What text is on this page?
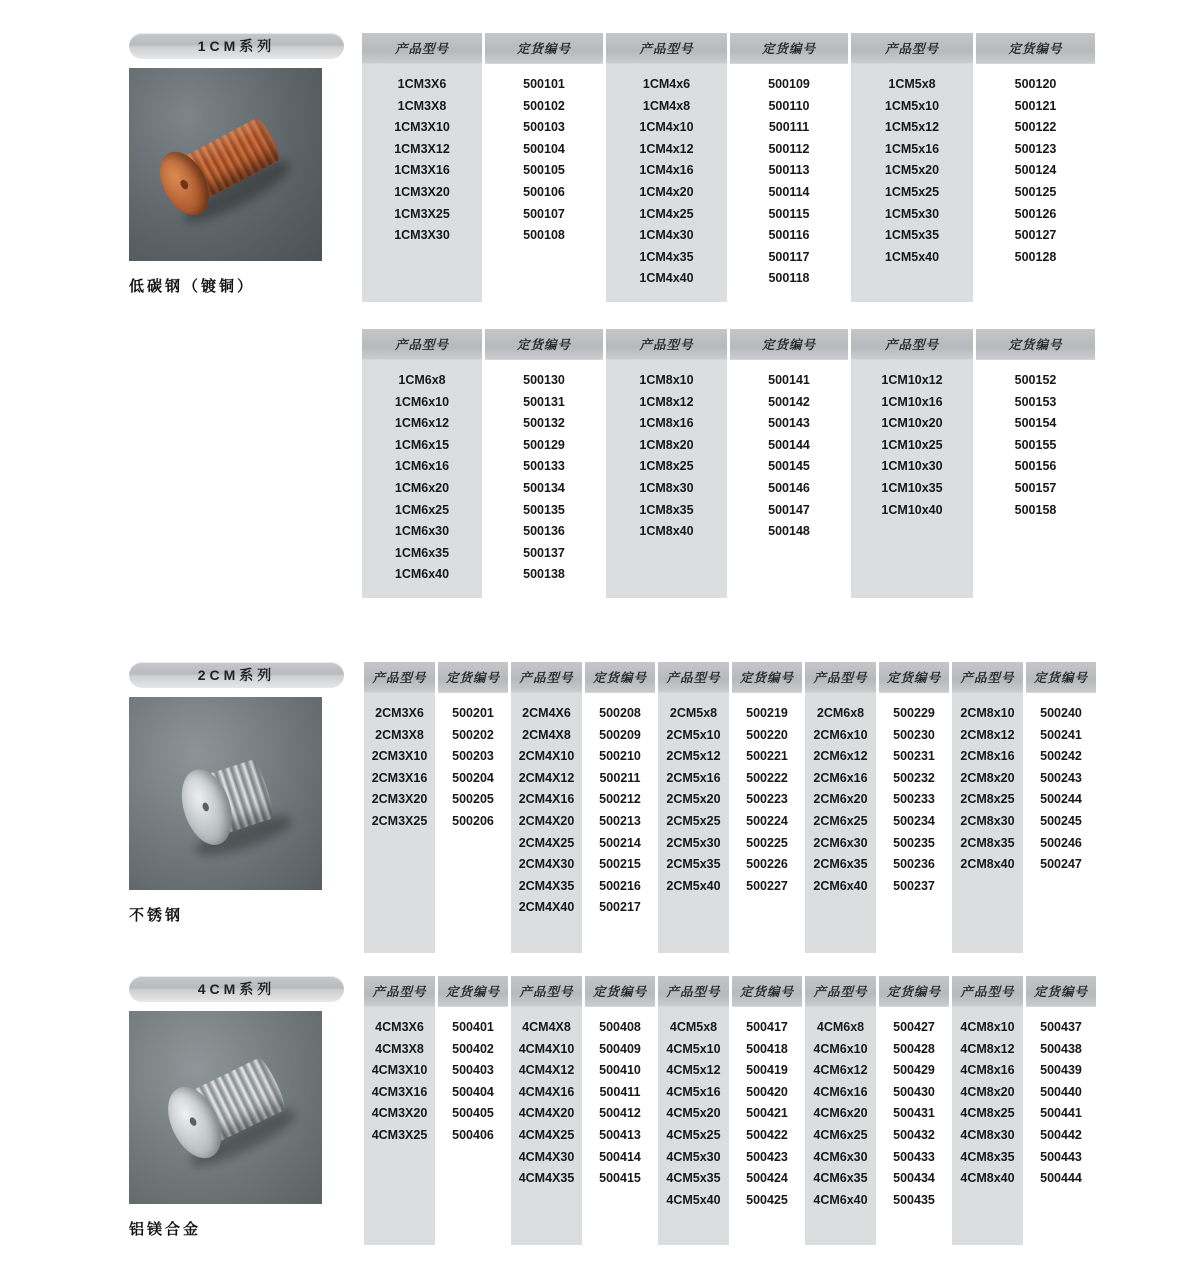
1CM系列
低碳钢（镀铜）
产品型号
1CM3X6
1CM3X8
1CM3X10
1CM3X12
1CM3X16
1CM3X20
1CM3X25
1CM3X30
定货编号
500101
500102
500103
500104
500105
500106
500107
500108
产品型号
1CM4x6
1CM4x8
1CM4x10
1CM4x12
1CM4x16
1CM4x20
1CM4x25
1CM4x30
1CM4x35
1CM4x40
定货编号
500109
500110
500111
500112
500113
500114
500115
500116
500117
500118
产品型号
1CM5x8
1CM5x10
1CM5x12
1CM5x16
1CM5x20
1CM5x25
1CM5x30
1CM5x35
1CM5x40
定货编号
500120
500121
500122
500123
500124
500125
500126
500127
500128
产品型号
1CM6x8
1CM6x10
1CM6x12
1CM6x15
1CM6x16
1CM6x20
1CM6x25
1CM6x30
1CM6x35
1CM6x40
定货编号
500130
500131
500132
500129
500133
500134
500135
500136
500137
500138
产品型号
1CM8x10
1CM8x12
1CM8x16
1CM8x20
1CM8x25
1CM8x30
1CM8x35
1CM8x40
定货编号
500141
500142
500143
500144
500145
500146
500147
500148
产品型号
1CM10x12
1CM10x16
1CM10x20
1CM10x25
1CM10x30
1CM10x35
1CM10x40
定货编号
500152
500153
500154
500155
500156
500157
500158
2CM系列
不锈钢
产品型号
2CM3X6
2CM3X8
2CM3X10
2CM3X16
2CM3X20
2CM3X25
定货编号
500201
500202
500203
500204
500205
500206
产品型号
2CM4X6
2CM4X8
2CM4X10
2CM4X12
2CM4X16
2CM4X20
2CM4X25
2CM4X30
2CM4X35
2CM4X40
定货编号
500208
500209
500210
500211
500212
500213
500214
500215
500216
500217
产品型号
2CM5x8
2CM5x10
2CM5x12
2CM5x16
2CM5x20
2CM5x25
2CM5x30
2CM5x35
2CM5x40
定货编号
500219
500220
500221
500222
500223
500224
500225
500226
500227
产品型号
2CM6x8
2CM6x10
2CM6x12
2CM6x16
2CM6x20
2CM6x25
2CM6x30
2CM6x35
2CM6x40
定货编号
500229
500230
500231
500232
500233
500234
500235
500236
500237
产品型号
2CM8x10
2CM8x12
2CM8x16
2CM8x20
2CM8x25
2CM8x30
2CM8x35
2CM8x40
定货编号
500240
500241
500242
500243
500244
500245
500246
500247
4CM系列
铝镁合金
产品型号
4CM3X6
4CM3X8
4CM3X10
4CM3X16
4CM3X20
4CM3X25
定货编号
500401
500402
500403
500404
500405
500406
产品型号
4CM4X8
4CM4X10
4CM4X12
4CM4X16
4CM4X20
4CM4X25
4CM4X30
4CM4X35
定货编号
500408
500409
500410
500411
500412
500413
500414
500415
产品型号
4CM5x8
4CM5x10
4CM5x12
4CM5x16
4CM5x20
4CM5x25
4CM5x30
4CM5x35
4CM5x40
定货编号
500417
500418
500419
500420
500421
500422
500423
500424
500425
产品型号
4CM6x8
4CM6x10
4CM6x12
4CM6x16
4CM6x20
4CM6x25
4CM6x30
4CM6x35
4CM6x40
定货编号
500427
500428
500429
500430
500431
500432
500433
500434
500435
产品型号
4CM8x10
4CM8x12
4CM8x16
4CM8x20
4CM8x25
4CM8x30
4CM8x35
4CM8x40
定货编号
500437
500438
500439
500440
500441
500442
500443
500444
